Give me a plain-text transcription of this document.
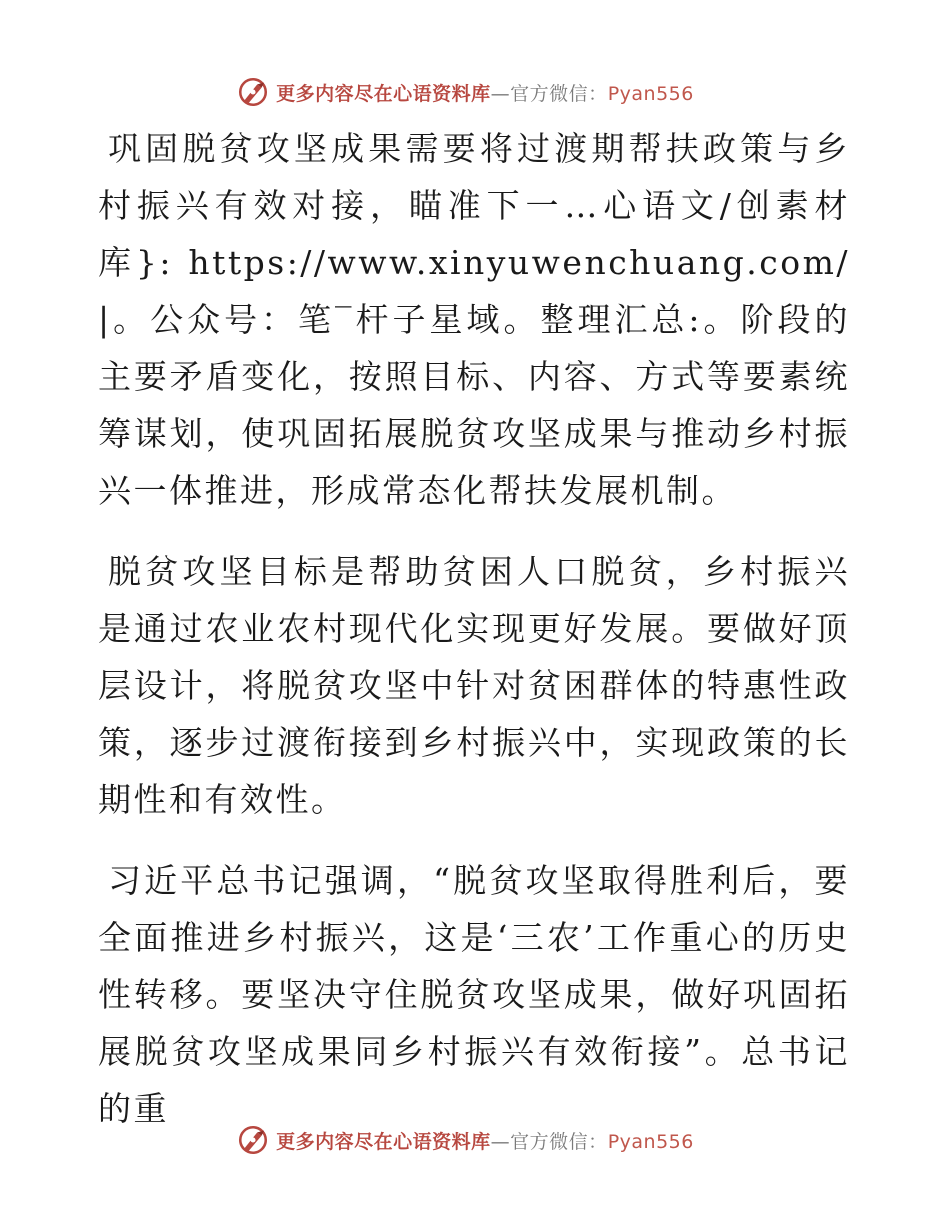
更多内容尽在心语资料库—官方微信：Pyan556

巩固脱贫攻坚成果需要将过渡期帮扶政策与乡村振兴有效对接，瞄准下一…心语文/创素材库}: https://www.xinyuwenchuang.com/|。公众号：笔‾杆子星域。整理汇总:。阶段的主要矛盾变化，按照目标、内容、方式等要素统筹谋划，使巩固拓展脱贫攻坚成果与推动乡村振兴一体推进，形成常态化帮扶发展机制。

脱贫攻坚目标是帮助贫困人口脱贫，乡村振兴是通过农业农村现代化实现更好发展。要做好顶层设计，将脱贫攻坚中针对贫困群体的特惠性政策，逐步过渡衔接到乡村振兴中，实现政策的长期性和有效性。

习近平总书记强调，“脱贫攻坚取得胜利后，要全面推进乡村振兴，这是‘三农’工作重心的历史性转移。要坚决守住脱贫攻坚成果，做好巩固拓展脱贫攻坚成果同乡村振兴有效衔接”。总书记的重

更多内容尽在心语资料库—官方微信：Pyan556
